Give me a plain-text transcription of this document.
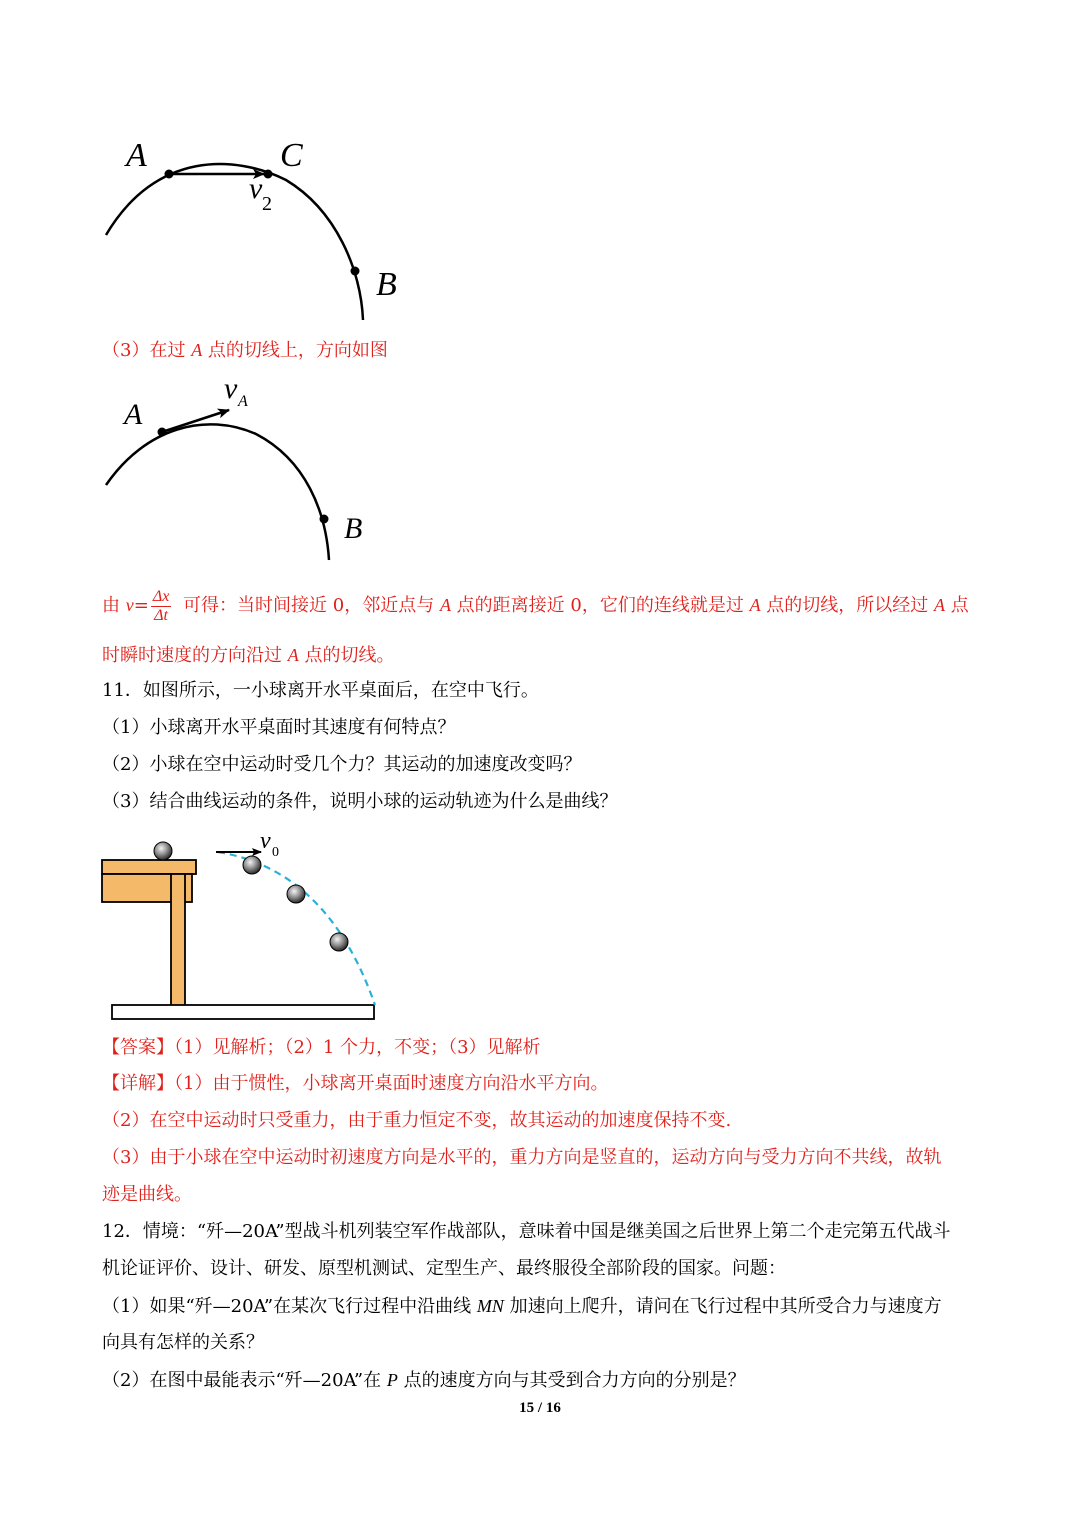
A	C
B
v 2
（3）在过 A 点的切线上，方向如图
A
B
v A
由 $v= \frac{\Delta x}{\Delta t}$ 可得：当时间接近 0，邻近点与 A 点的距离接近 0，它们的连线就是过 A 点的切线，所以经过 A 点
时瞬时速度的方向沿过 A 点的切线。
11．如图所示，一小球离开水平桌面后，在空中飞行。
（1）小球离开水平桌面时其速度有何特点？
（2）小球在空中运动时受几个力？其运动的加速度改变吗？
（3）结合曲线运动的条件，说明小球的运动轨迹为什么是曲线？
v 0
【答案】（1）见解析；（2）1 个力，不变；（3）见解析
【详解】（1）由于惯性，小球离开桌面时速度方向沿水平方向。
（2）在空中运动时只受重力，由于重力恒定不变，故其运动的加速度保持不变.
（3）由于小球在空中运动时初速度方向是水平的，重力方向是竖直的，运动方向与受力方向不共线，故轨
迹是曲线。
12．情境：“歼—20A”型战斗机列装空军作战部队，意味着中国是继美国之后世界上第二个走完第五代战斗
机论证评价、设计、研发、原型机测试、定型生产、最终服役全部阶段的国家。问题：
（1）如果“歼—20A”在某次飞行过程中沿曲线 MN 加速向上爬升，请问在飞行过程中其所受合力与速度方
向具有怎样的关系？
（2）在图中最能表示“歼—20A”在 P 点的速度方向与其受到合力方向的分别是？
15 / 16
